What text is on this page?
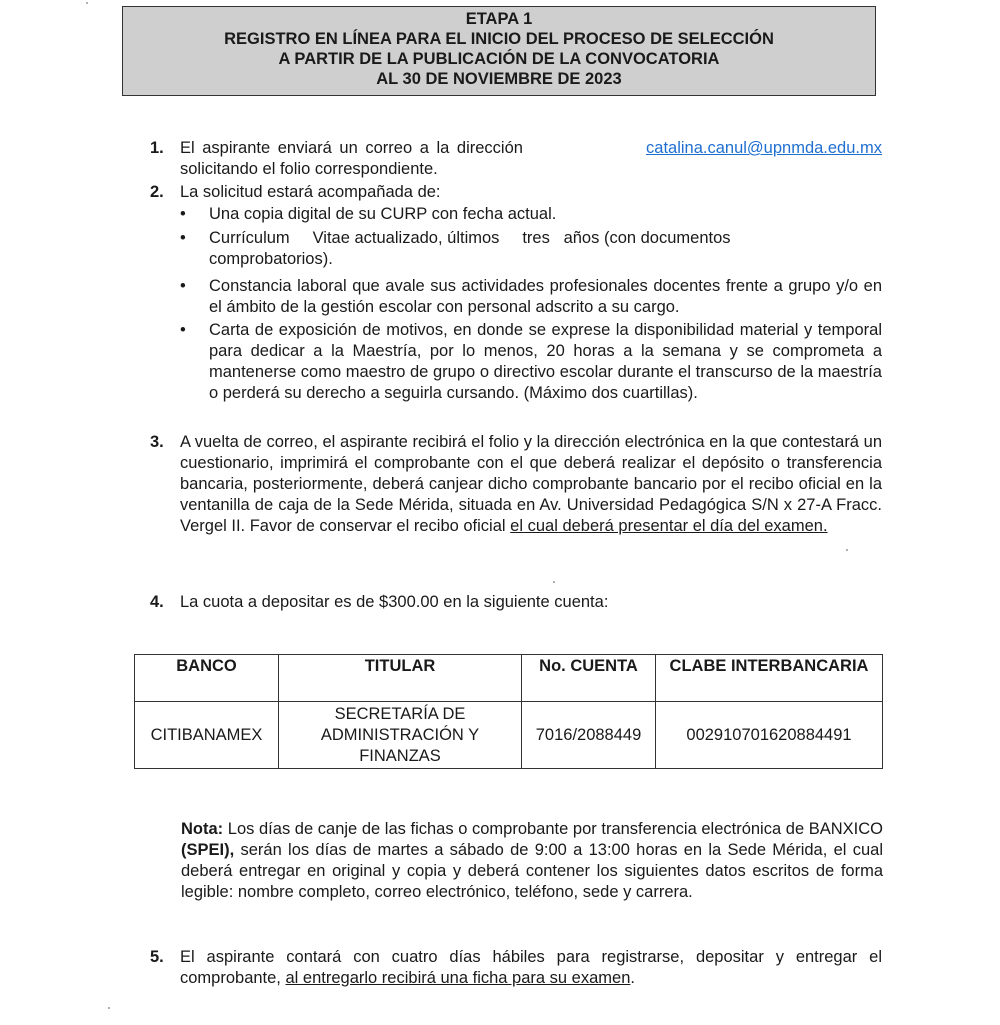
ETAPA 1
REGISTRO EN LÍNEA PARA EL INICIO DEL PROCESO DE SELECCIÓN
A PARTIR DE LA PUBLICACIÓN DE LA CONVOCATORIA
AL 30 DE NOVIEMBRE DE 2023
1. El aspirante enviará un correo a la dirección	catalina.canul@upnmda.edu.mx
solicitando el folio correspondiente.
2. La solicitud estará acompañada de:
• Una copia digital de su CURP con fecha actual.
• Currículum     Vitae actualizado, últimos     tres   años (con documentos comprobatorios).
• Constancia laboral que avale sus actividades profesionales docentes frente a grupo y/o en el ámbito de la gestión escolar con personal adscrito a su cargo.
• Carta de exposición de motivos, en donde se exprese la disponibilidad material y temporal para dedicar a la Maestría, por lo menos, 20 horas a la semana y se comprometa a mantenerse como maestro de grupo o directivo escolar durante el transcurso de la maestría o perderá su derecho a seguirla cursando. (Máximo dos cuartillas).
3. A vuelta de correo, el aspirante recibirá el folio y la dirección electrónica en la que contestará un cuestionario, imprimirá el comprobante con el que deberá realizar el depósito o transferencia bancaria, posteriormente, deberá canjear dicho comprobante bancario por el recibo oficial en la ventanilla de caja de la Sede Mérida, situada en Av. Universidad Pedagógica S/N x 27-A Fracc. Vergel II. Favor de conservar el recibo oficial el cual deberá presentar el día del examen.
4. La cuota a depositar es de $300.00 en la siguiente cuenta:
BANCO	TITULAR	No. CUENTA	CLABE INTERBANCARIA
CITIBANAMEX	SECRETARÍA DE ADMINISTRACIÓN Y FINANZAS	7016/2088449	002910701620884491
Nota: Los días de canje de las fichas o comprobante por transferencia electrónica de BANXICO (SPEI), serán los días de martes a sábado de 9:00 a 13:00 horas en la Sede Mérida, el cual deberá entregar en original y copia y deberá contener los siguientes datos escritos de forma legible: nombre completo, correo electrónico, teléfono, sede y carrera.
5. El aspirante contará con cuatro días hábiles para registrarse, depositar y entregar el comprobante, al entregarlo recibirá una ficha para su examen.
